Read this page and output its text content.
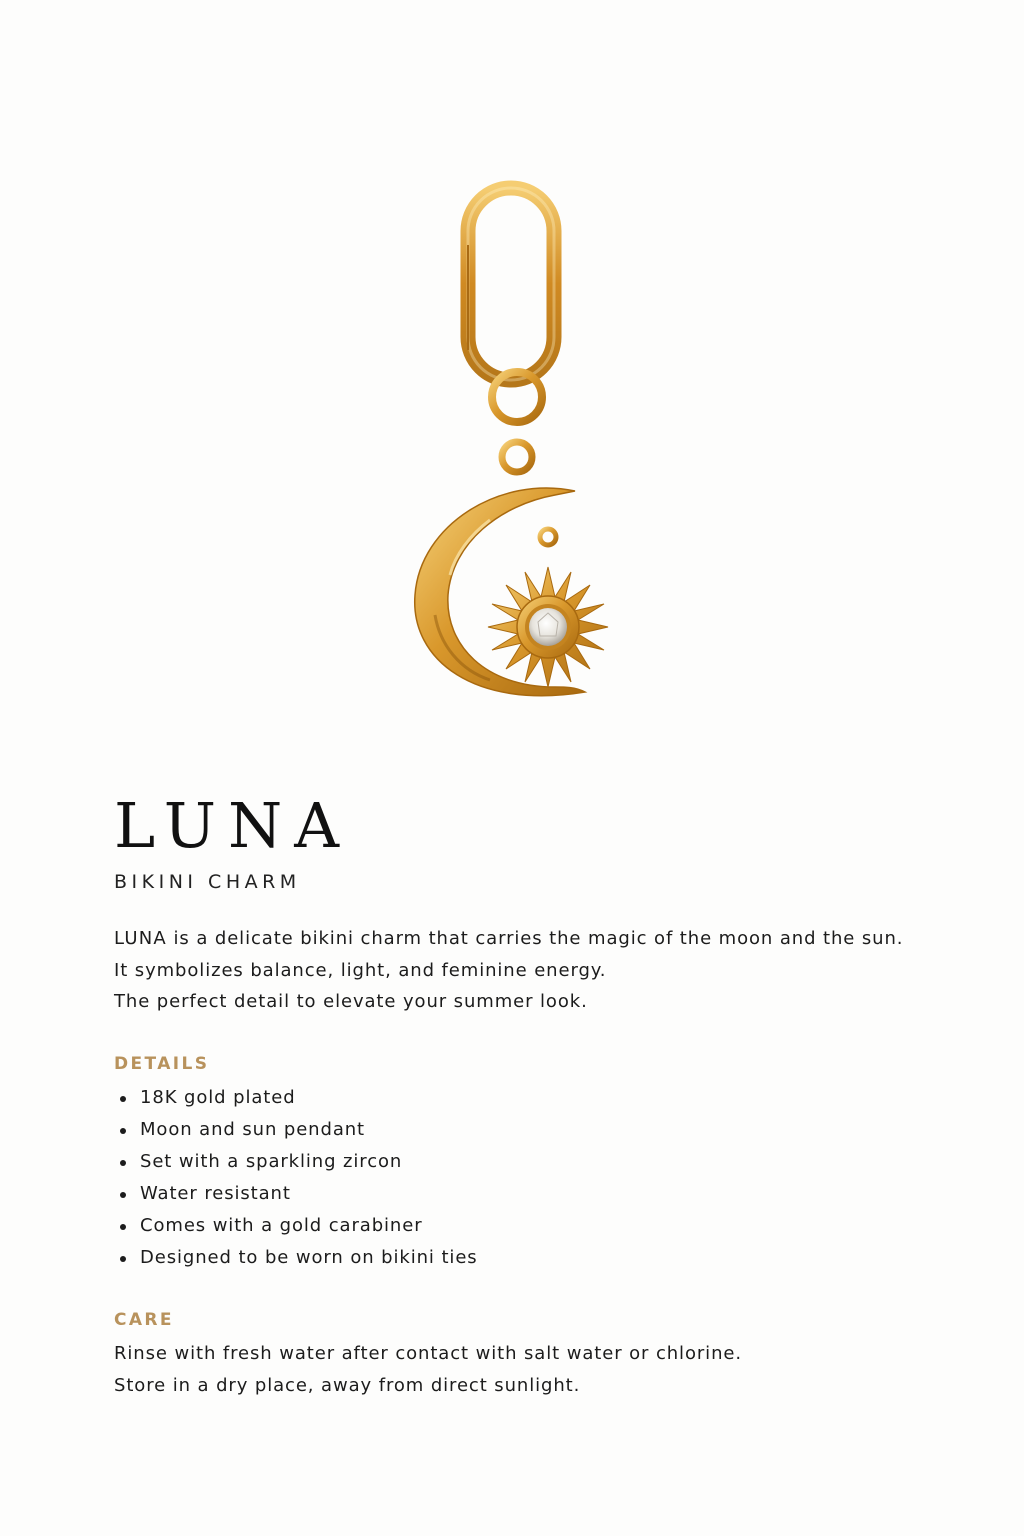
LUNA
BIKINI CHARM

LUNA is a delicate bikini charm that carries the magic of the moon and the sun.

It symbolizes balance, light, and feminine energy.

The perfect detail to elevate your summer look.

DETAILS
18K gold plated
Moon and sun pendant
Set with a sparkling zircon
Water resistant
Comes with a gold carabiner
Designed to be worn on bikini ties
CARE

Rinse with fresh water after contact with salt water or chlorine.

Store in a dry place, away from direct sunlight.
